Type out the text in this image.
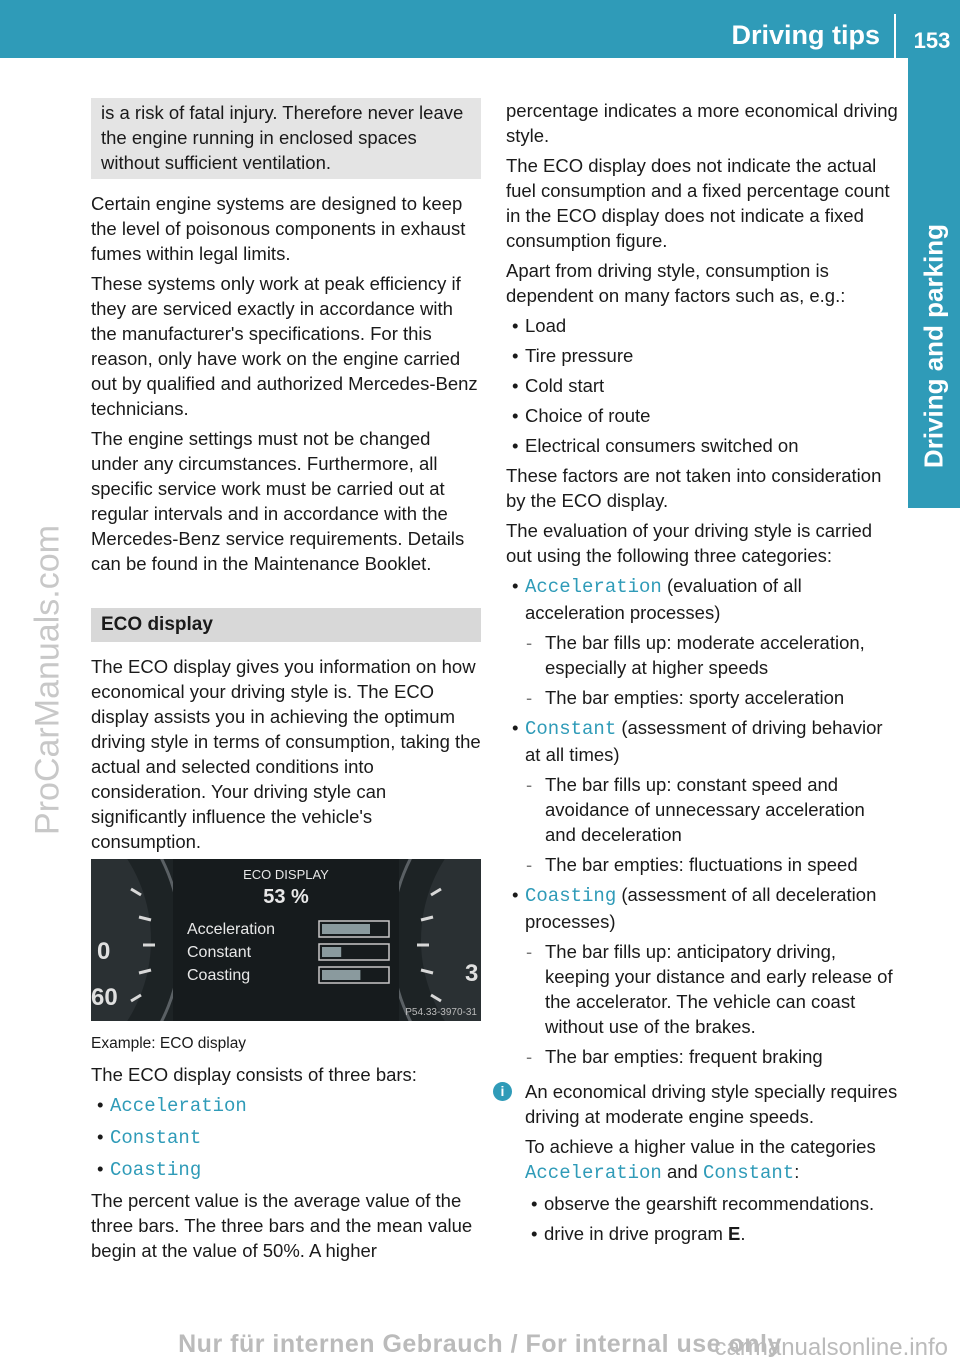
Driving tips	153
Driving and parking
ProCarManuals.com
is a risk of fatal injury. Therefore never leave the engine running in enclosed spaces without sufficient ventilation.

Certain engine systems are designed to keep the level of poisonous components in exhaust fumes within legal limits.

These systems only work at peak efficiency if they are serviced exactly in accordance with the manufacturer's specifications. For this reason, only have work on the engine carried out by qualified and authorized Mercedes-Benz technicians.

The engine settings must not be changed under any circumstances. Furthermore, all specific service work must be carried out at regular intervals and in accordance with the Mercedes-Benz service requirements. Details can be found in the Maintenance Booklet.

ECO display

The ECO display gives you information on how economical your driving style is. The ECO display assists you in achieving the optimum driving style in terms of consumption, taking the actual and selected conditions into consideration. Your driving style can significantly influence the vehicle's consumption.

0
60
3
ECO DISPLAY
53 %
Acceleration
Constant
Coasting
P54.33-3970-31
Example: ECO display

The ECO display consists of three bars:

• Acceleration
• Constant
• Coasting

The percent value is the average value of the three bars. The three bars and the mean value begin at the value of 50%. A higher

percentage indicates a more economical driving style.

The ECO display does not indicate the actual fuel consumption and a fixed percentage count in the ECO display does not indicate a fixed consumption figure.

Apart from driving style, consumption is dependent on many factors such as, e.g.:

• Load
• Tire pressure
• Cold start
• Choice of route
• Electrical consumers switched on

These factors are not taken into consideration by the ECO display.

The evaluation of your driving style is carried out using the following three categories:

• Acceleration (evaluation of all acceleration processes)
- The bar fills up: moderate acceleration, especially at higher speeds
- The bar empties: sporty acceleration
• Constant (assessment of driving behavior at all times)
- The bar fills up: constant speed and avoidance of unnecessary acceleration and deceleration
- The bar empties: fluctuations in speed
• Coasting (assessment of all deceleration processes)
- The bar fills up: anticipatory driving, keeping your distance and early release of the accelerator. The vehicle can coast without use of the brakes.
- The bar empties: frequent braking
i	An economical driving style specially requires driving at moderate engine speeds.

To achieve a higher value in the categories
Acceleration and Constant:

• observe the gearshift recommendations.
• drive in drive program E.
Nur für internen Gebrauch / For internal use only
carmanualsonline.info
